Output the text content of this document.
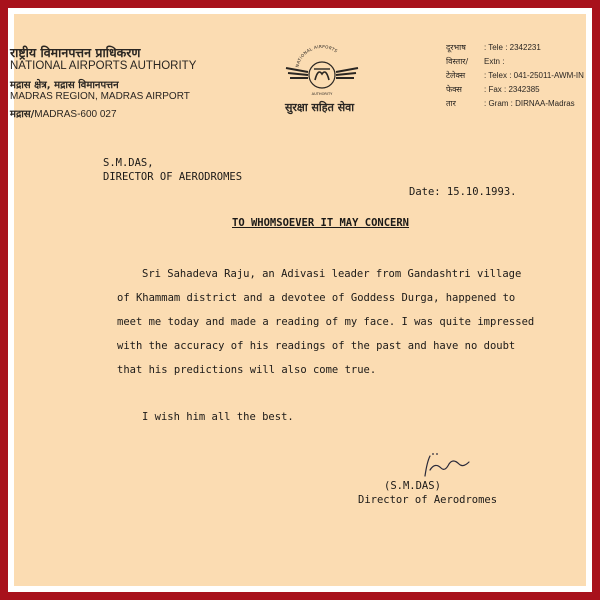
राष्ट्रीय विमानपत्तन प्राधिकरण
NATIONAL AIRPORTS AUTHORITY
मद्रास क्षेत्र, मद्रास विमानपत्तन
MADRAS REGION, MADRAS AIRPORT
मद्रास/MADRAS-600 027
NATIONAL AIRPORTS
AUTHORITY
सुरक्षा सहित सेवा
दूरभाष : Tele : 2342231
विस्तार/ Extn :
टेलेक्स : Telex : 041-25011-AWM-IN
फेक्स	: Fax : 2342385
तार	: Gram : DIRNAA-Madras
S.M.DAS,
DIRECTOR OF AERODROMES
Date: 15.10.1993.
TO WHOMSOEVER IT MAY CONCERN
Sri Sahadeva Raju, an Adivasi leader from Gandashtri village
of Khammam district and a devotee of Goddess Durga, happened to
meet me today and made a reading of my face. I was quite impressed
with the accuracy of his readings of the past and have no doubt
that his predictions will also come true.
I wish him all the best.
(S.M.DAS)
Director of Aerodromes
